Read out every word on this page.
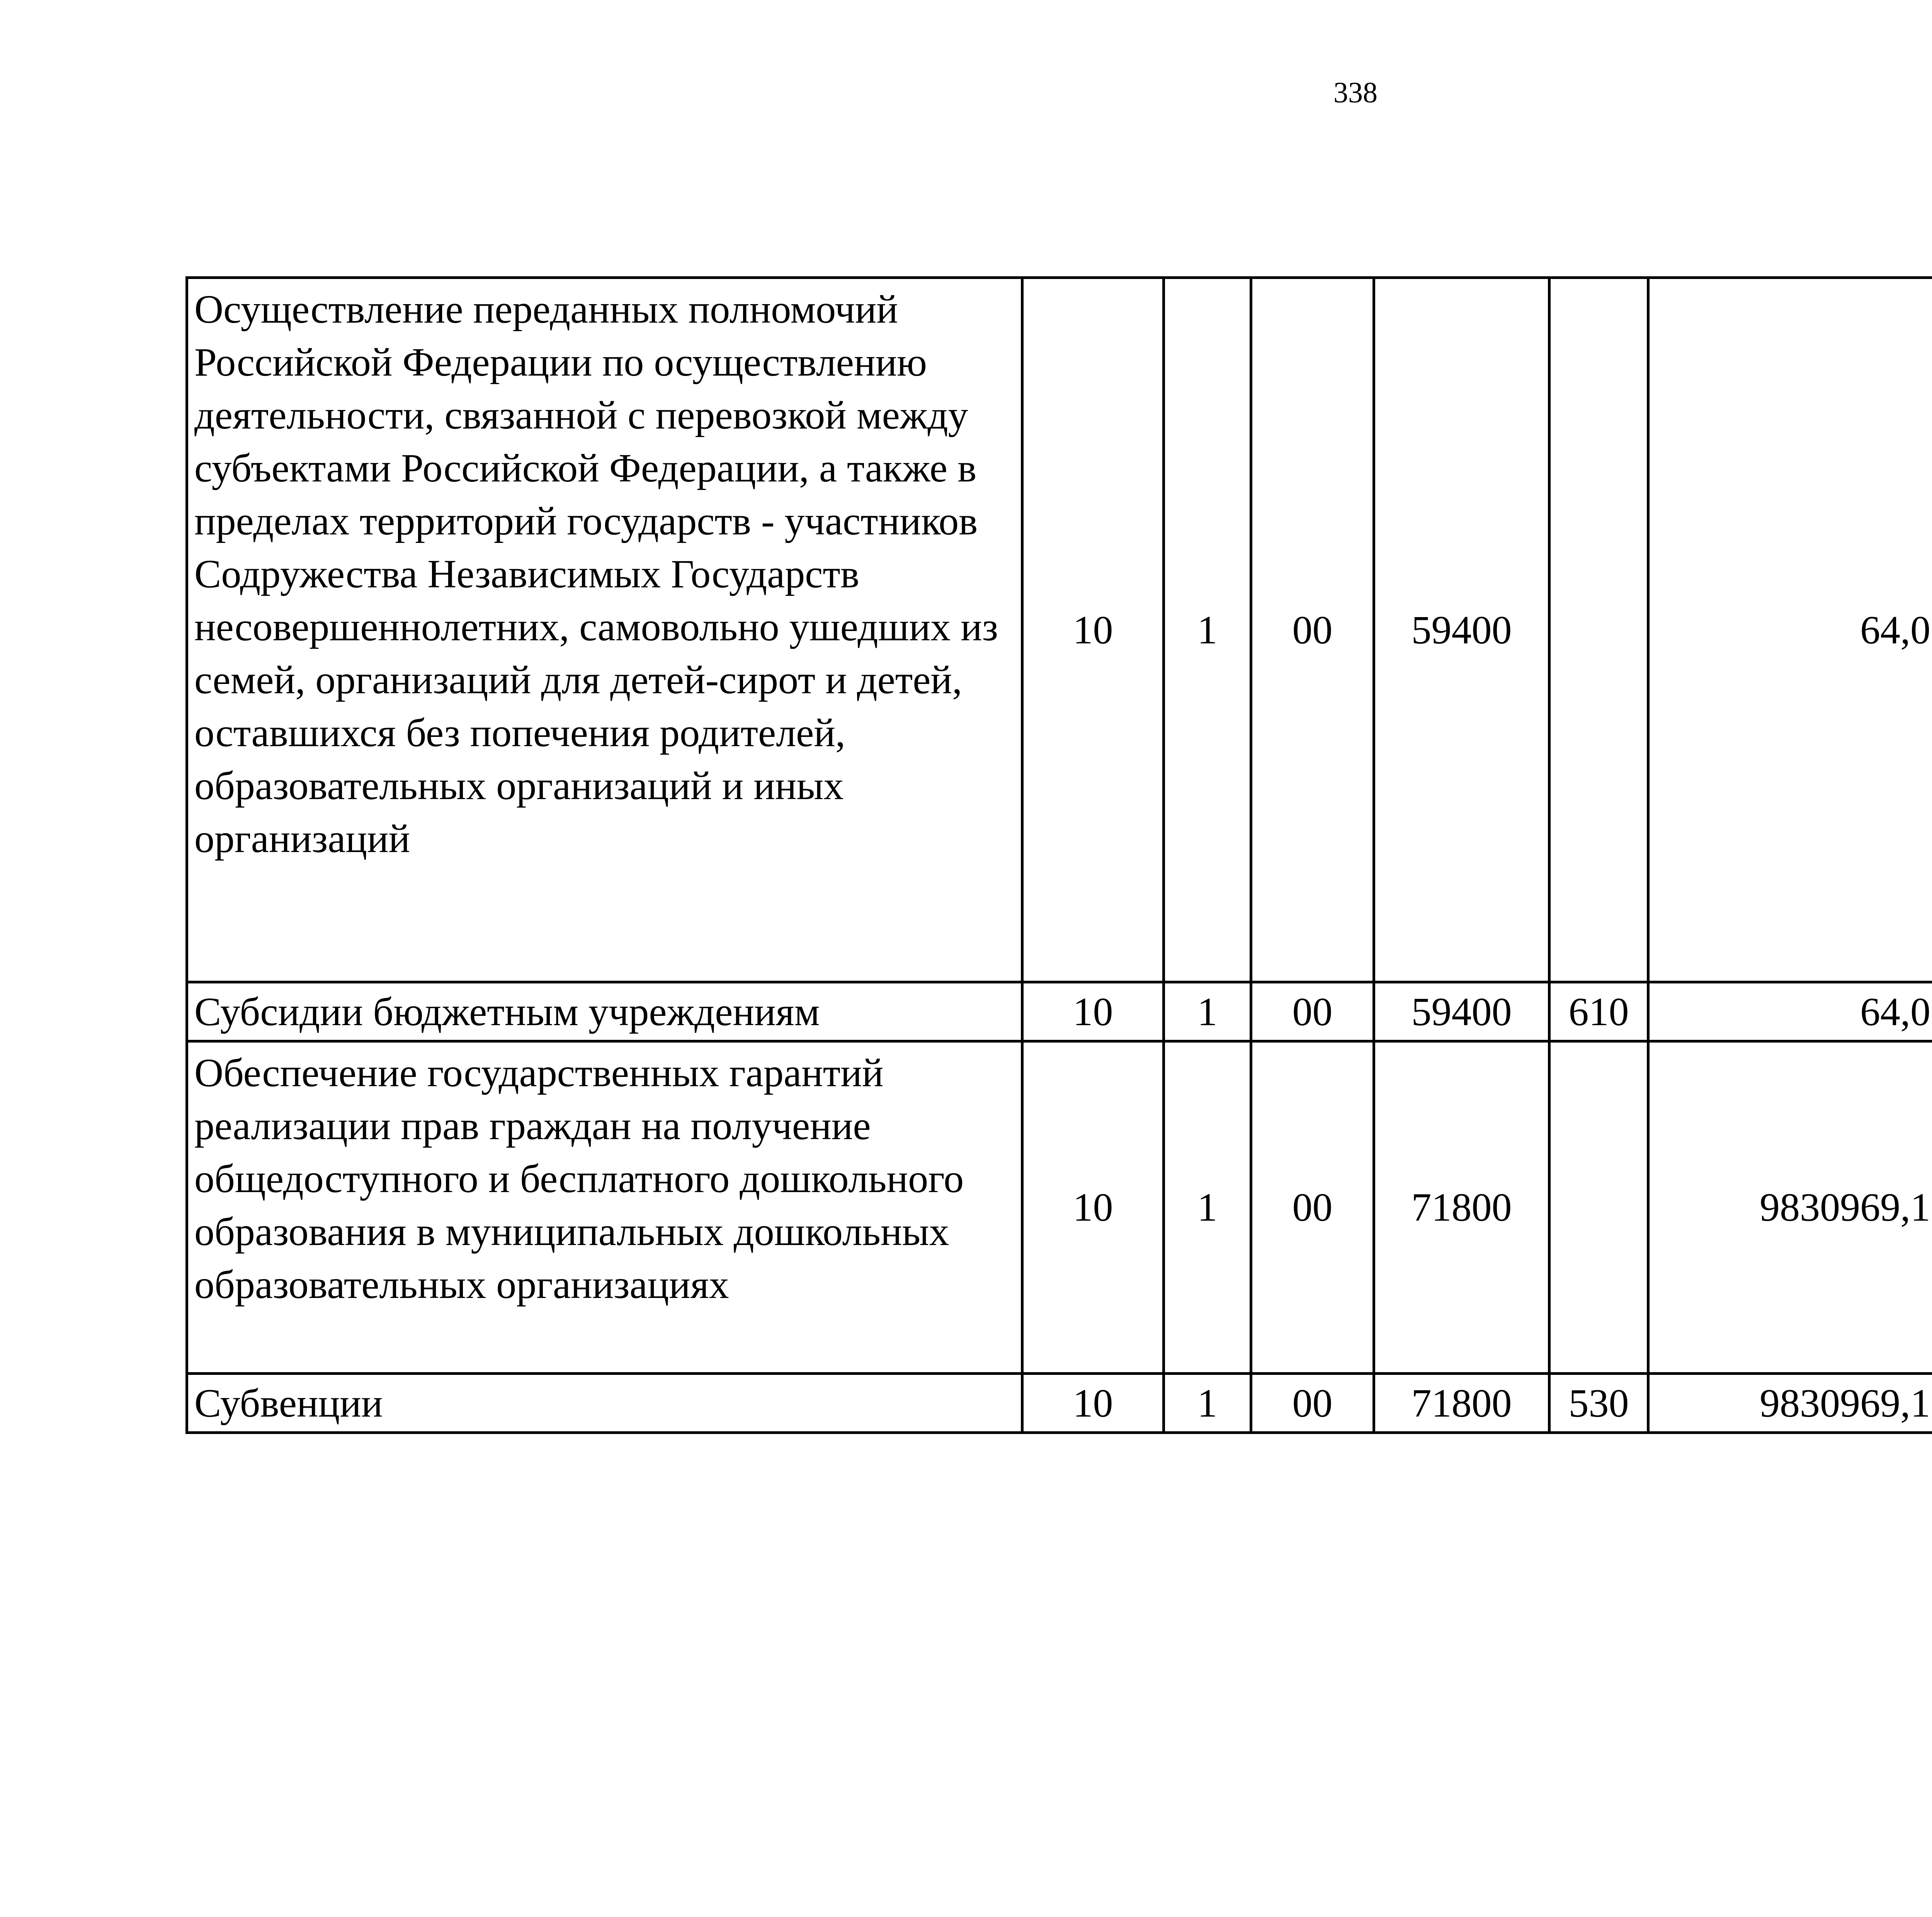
338
Осуществление переданных полномочий Российской Федерации по осуществлению деятельности, связанной с перевозкой между субъектами Российской Федерации, а также в пределах территорий государств - участников Содружества Независимых Государств несовершеннолетних, самовольно ушедших из семей, организаций для детей-сирот и детей, оставшихся без попечения родителей, образовательных организаций и иных организаций	10	1	00	59400		64,0		
Субсидии бюджетным учреждениям	10	1	00	59400	610	64,0		
Обеспечение государственных гарантий реализации прав граждан на получение общедоступного и бесплатного дошкольного образования в муниципальных дошкольных образовательных организациях	10	1	00	71800		9830969,1		
Субвенции	10	1	00	71800	530	9830969,1		
